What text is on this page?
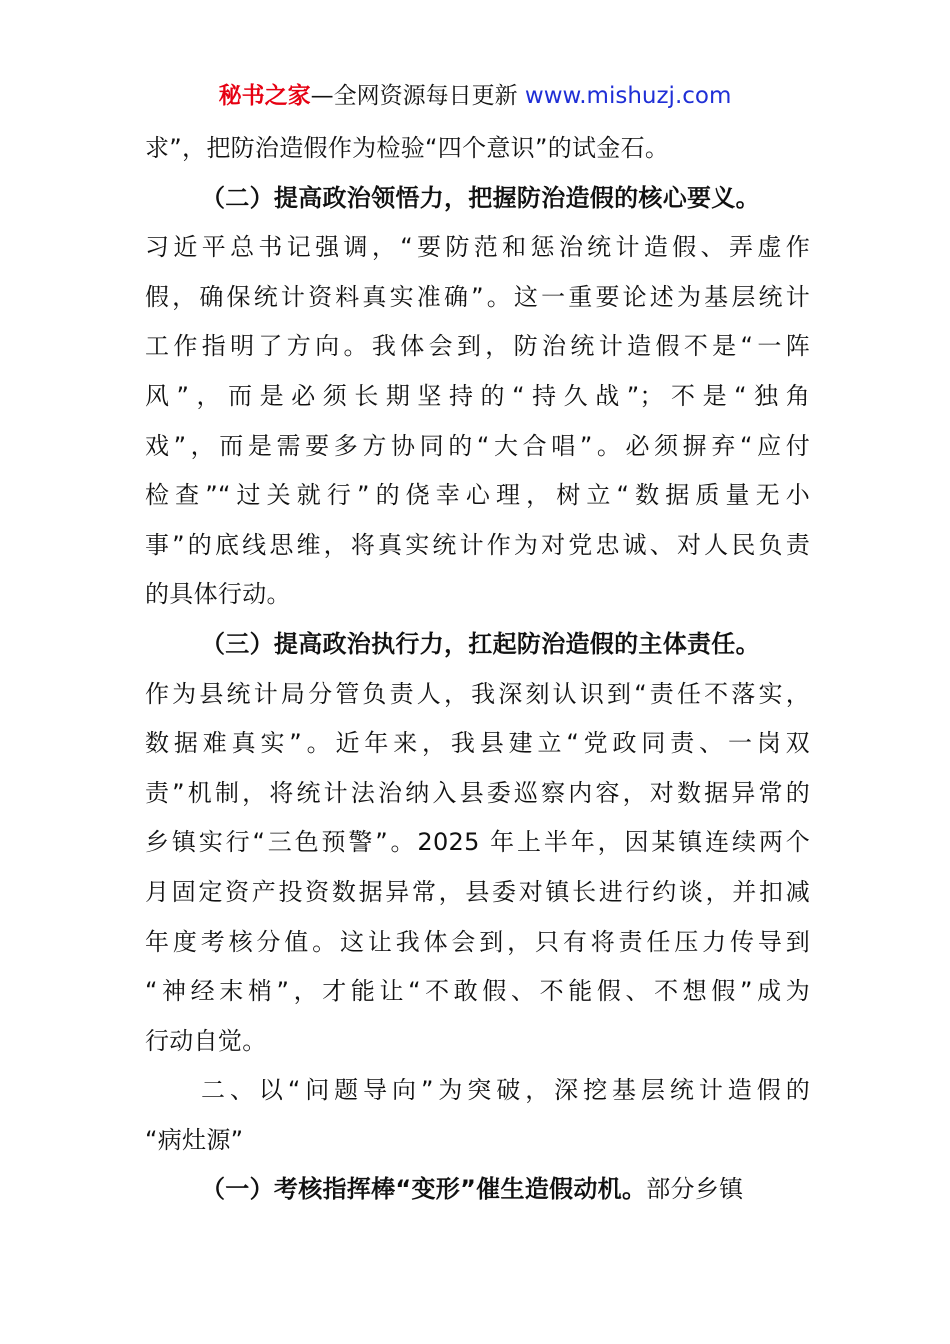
秘书之家—全网资源每日更新 www.mishuzj.com
求”，把防治造假作为检验“四个意识”的试金石。
（二）提高政治领悟力，把握防治造假的核心要义。
习近平总书记强调，“要防范和惩治统计造假、弄虚作
假，确保统计资料真实准确”。这一重要论述为基层统计
工作指明了方向。我体会到，防治统计造假不是“一阵
风”，而是必须长期坚持的“持久战”；不是“独角
戏”，而是需要多方协同的“大合唱”。必须摒弃“应付
检查”“过关就行”的侥幸心理，树立“数据质量无小
事”的底线思维，将真实统计作为对党忠诚、对人民负责
的具体行动。
（三）提高政治执行力，扛起防治造假的主体责任。
作为县统计局分管负责人，我深刻认识到“责任不落实，
数据难真实”。近年来，我县建立“党政同责、一岗双
责”机制，将统计法治纳入县委巡察内容，对数据异常的
乡镇实行“三色预警”。2025 年上半年，因某镇连续两个
月固定资产投资数据异常，县委对镇长进行约谈，并扣减
年度考核分值。这让我体会到，只有将责任压力传导到
“神经末梢”，才能让“不敢假、不能假、不想假”成为
行动自觉。
二、以“问题导向”为突破，深挖基层统计造假的
“病灶源”
（一）考核指挥棒“变形”催生造假动机。部分乡镇
